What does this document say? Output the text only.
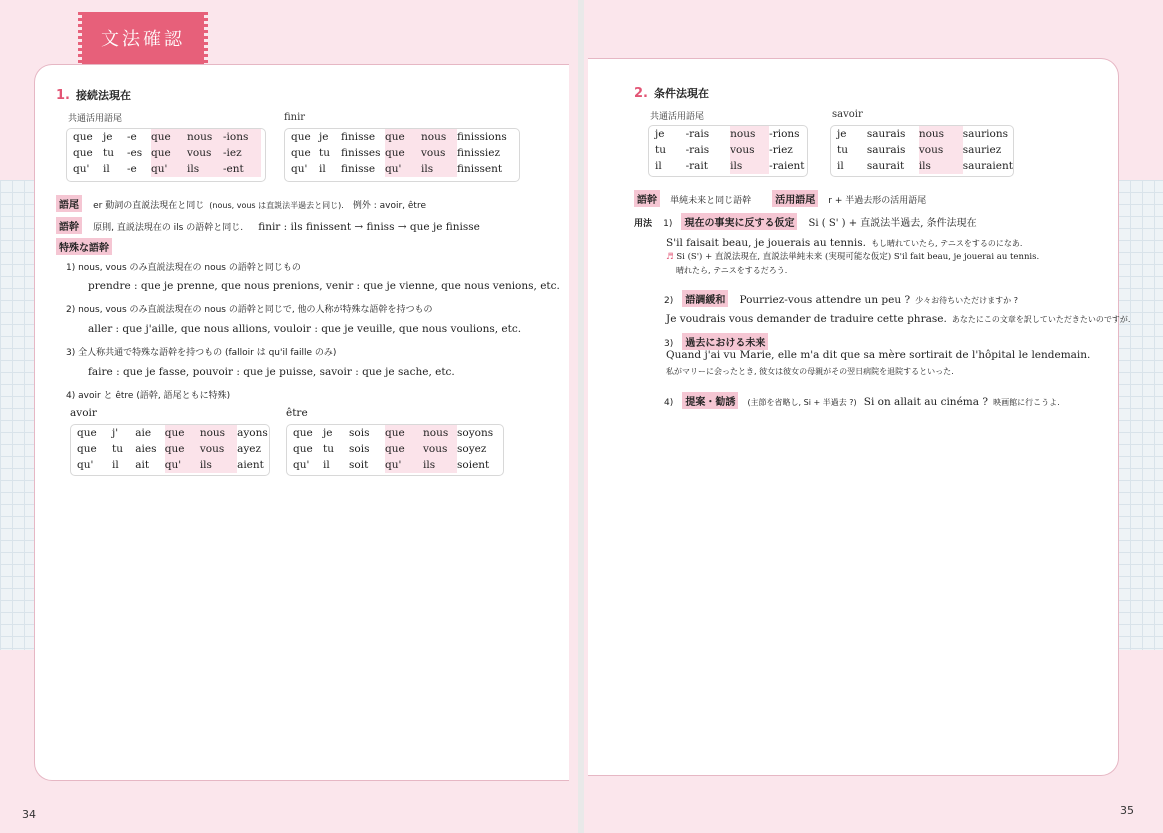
文法確認
1. 接続法現在
共通活用語尾	finir
que	je	-e	que	nous	-ions
que	tu	-es	que	vous	-iez
qu'	il	-e	qu'	ils	-ent
que	je	finisse	que	nous	finissions
que	tu	finisses	que	vous	finissiez
qu'	il	finisse	qu'	ils	finissent
語尾 er 動詞の直説法現在と同じ (nous, vous は直説法半過去と同じ). 例外 : avoir, être
語幹 原則, 直説法現在の ils の語幹と同じ. finir : ils finissent → finiss → que je finisse
特殊な語幹
1) nous, vous のみ直説法現在の nous の語幹と同じもの
prendre : que je prenne, que nous prenions, venir : que je vienne, que nous venions, etc.
2) nous, vous のみ直説法現在の nous の語幹と同じで, 他の人称が特殊な語幹を持つもの
aller : que j'aille, que nous allions, vouloir : que je veuille, que nous voulions, etc.
3) 全人称共通で特殊な語幹を持つもの (falloir は qu'il faille のみ)
faire : que je fasse, pouvoir : que je puisse, savoir : que je sache, etc.
4) avoir と être (語幹, 語尾ともに特殊)
avoir	être
que	j'	aie	que	nous	ayons
que	tu	aies	que	vous	ayez
qu'	il	ait	qu'	ils	aient
que	je	sois	que	nous	soyons
que	tu	sois	que	vous	soyez
qu'	il	soit	qu'	ils	soient
34
2. 条件法現在
共通活用語尾	savoir
je	-rais	nous	-rions
tu	-rais	vous	-riez
il	-rait	ils	-raient
je	saurais	nous	saurions
tu	saurais	vous	sauriez
il	saurait	ils	sauraient
語幹 単純未来と同じ語幹 活用語尾 r + 半過去形の活用語尾
用法 1) 現在の事実に反する仮定 Si ( S' ) + 直説法半過去, 条件法現在
S'il faisait beau, je jouerais au tennis. もし晴れていたら, テニスをするのになあ.
♬ Si (S') + 直説法現在, 直説法単純未来 (実現可能な仮定) S'il fait beau, je jouerai au tennis.
晴れたら, テニスをするだろう.
2) 語調緩和 Pourriez-vous attendre un peu ? 少々お待ちいただけますか ?
Je voudrais vous demander de traduire cette phrase. あなたにこの文章を訳していただきたいのですが.
3) 過去における未来
Quand j'ai vu Marie, elle m'a dit que sa mère sortirait de l'hôpital le lendemain.
私がマリーに会ったとき, 彼女は彼女の母親がその翌日病院を退院するといった.
4) 提案・勧誘 (主節を省略し, Si + 半過去 ?) Si on allait au cinéma ? 映画館に行こうよ.
35
